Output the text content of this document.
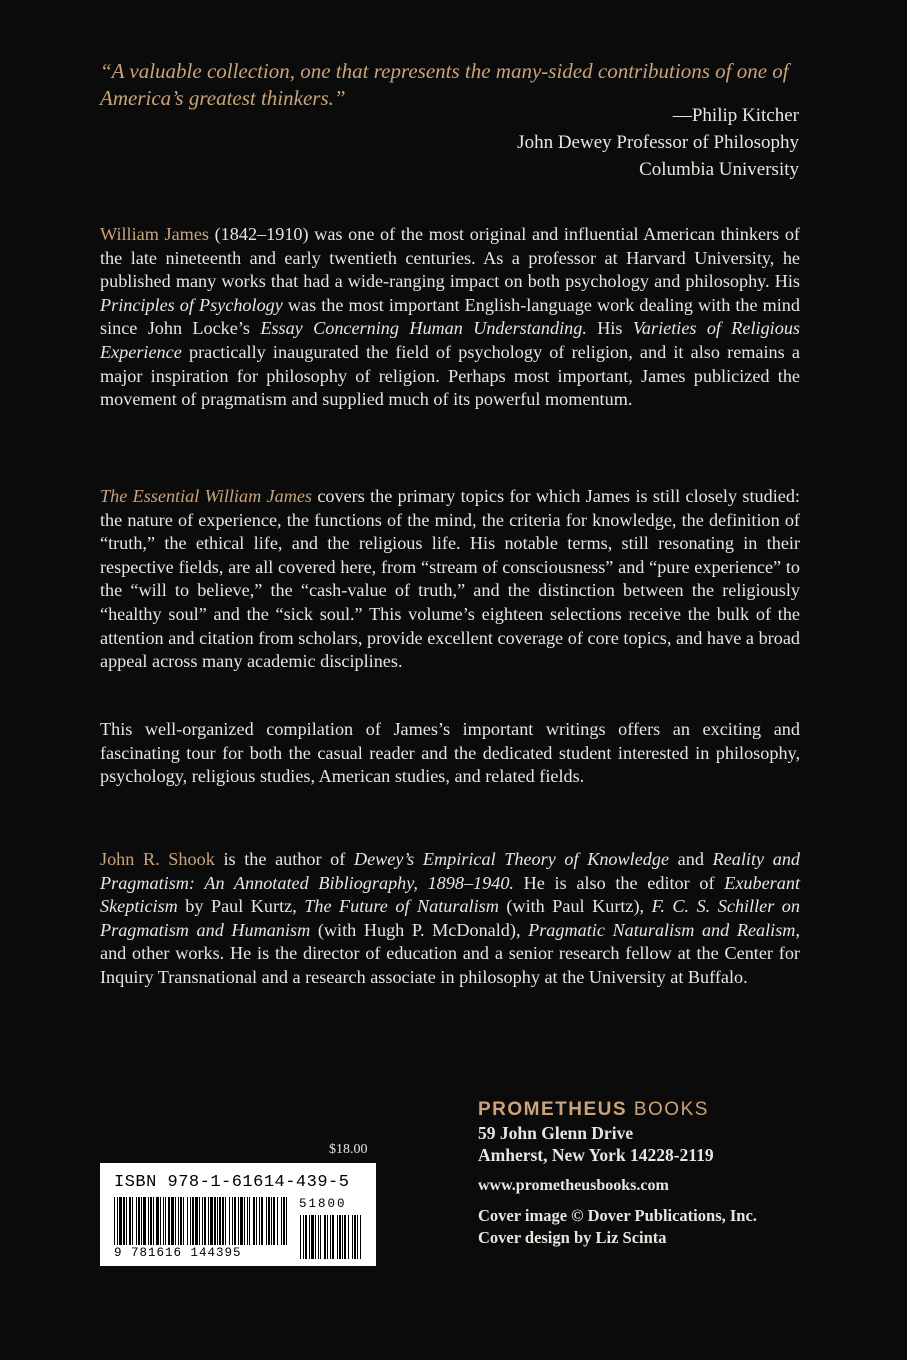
“A valuable collection, one that represents the many-sided contributions of one of America’s greatest thinkers.”
—Philip Kitcher
John Dewey Professor of Philosophy
Columbia University
William James (1842–1910) was one of the most original and influential American thinkers of the late nineteenth and early twentieth centuries. As a professor at Harvard University, he published many works that had a wide-ranging impact on both psychology and philosophy. His Principles of Psychology was the most important English-language work dealing with the mind since John Locke’s Essay Concerning Human Understanding. His Varieties of Religious Experience practically inaugurated the field of psychology of religion, and it also remains a major inspiration for philosophy of religion. Perhaps most important, James publicized the movement of pragmatism and supplied much of its powerful momentum.
The Essential William James covers the primary topics for which James is still closely studied: the nature of experience, the functions of the mind, the criteria for knowledge, the definition of “truth,” the ethical life, and the religious life. His notable terms, still resonating in their respective fields, are all covered here, from “stream of consciousness” and “pure experience” to the “will to believe,” the “cash-value of truth,” and the distinction between the religiously “healthy soul” and the “sick soul.” This volume’s eighteen selections receive the bulk of the attention and citation from scholars, provide excellent coverage of core topics, and have a broad appeal across many academic disciplines.
This well-organized compilation of James’s important writings offers an exciting and fascinating tour for both the casual reader and the dedicated student interested in philosophy, psychology, religious studies, American studies, and related fields.
John R. Shook is the author of Dewey’s Empirical Theory of Knowledge and Reality and Pragmatism: An Annotated Bibliography, 1898–1940. He is also the editor of Exuberant Skepticism by Paul Kurtz, The Future of Naturalism (with Paul Kurtz), F. C. S. Schiller on Pragmatism and Humanism (with Hugh P. McDonald), Pragmatic Naturalism and Realism, and other works. He is the director of education and a senior research fellow at the Center for Inquiry Transnational and a research associate in philosophy at the University at Buffalo.
PROMETHEUS BOOKS
59 John Glenn Drive
Amherst, New York 14228-2119
www.prometheusbooks.com
Cover image © Dover Publications, Inc.
Cover design by Liz Scinta
$18.00
ISBN 978-1-61614-439-5
51800
9 781616 144395
